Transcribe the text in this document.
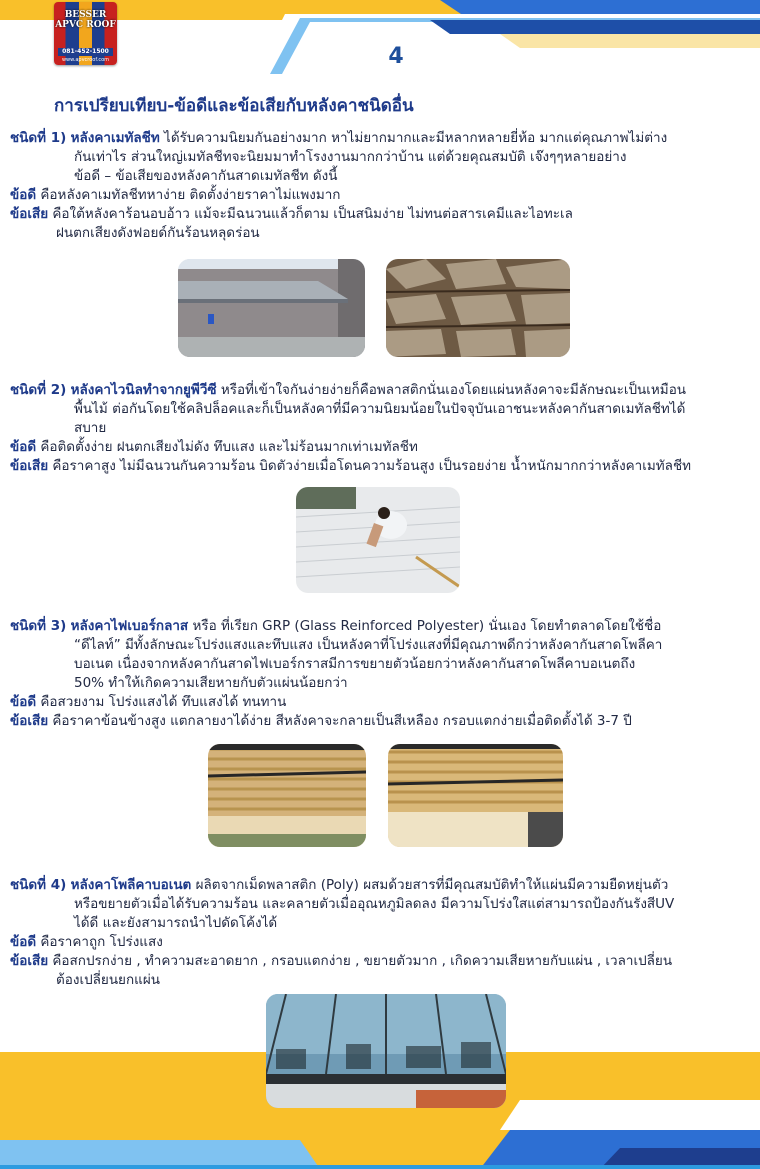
BESSER
APVC ROOF
081-452-1500
www.apvcroof.com	4
การเปรียบเทียบ-ข้อดีและข้อเสียกับหลังคาชนิดอื่น
ชนิดที่ 1) หลังคาเมทัลชีท ได้รับความนิยมกันอย่างมาก หาไม่ยากมากและมีหลากหลายยี่ห้อ มากแต่คุณภาพไม่ต่าง
กันเท่าไร ส่วนใหญ่เมทัลชีทจะนิยมมาทำโรงงานมากกว่าบ้าน แต่ด้วยคุณสมบัติ เจ๊งๆๆหลายอย่าง
ข้อดี – ข้อเสียของหลังคากันสาดเมทัลชีท ดังนี้
ข้อดี คือหลังคาเมทัลชีทหาง่าย ติดตั้งง่ายราคาไม่แพงมาก
ข้อเสีย คือใต้หลังคาร้อนอบอ้าว แม้จะมีฉนวนแล้วก็ตาม เป็นสนิมง่าย ไม่ทนต่อสารเคมีและไอทะเล
ฝนตกเสียงดังฟอยด์กันร้อนหลุดร่อน
ชนิดที่ 2) หลังคาไวนิลทำจากยูพีวีซี หรือที่เข้าใจกันง่ายง่ายก็คือพลาสติกนั่นเองโดยแผ่นหลังคาจะมีลักษณะเป็นเหมือน
พื้นไม้ ต่อกันโดยใช้คลิปล็อคและก็เป็นหลังคาที่มีความนิยมน้อยในปัจจุบันเอาชนะหลังคากันสาดเมทัลชีทได้
สบาย
ข้อดี คือติดตั้งง่าย ฝนตกเสียงไม่ดัง ทึบแสง และไม่ร้อนมากเท่าเมทัลชีท
ข้อเสีย คือราคาสูง ไม่มีฉนวนกันความร้อน บิดตัวง่ายเมื่อโดนความร้อนสูง เป็นรอยง่าย น้ำหนักมากกว่าหลังคาเมทัลชีท
ชนิดที่ 3) หลังคาไฟเบอร์กลาส หรือ ที่เรียก GRP (Glass Reinforced Polyester) นั่นเอง โดยทำตลาดโดยใช้ชื่อ
“ดีไลท์” มีทั้งลักษณะโปร่งแสงและทึบแสง เป็นหลังคาที่โปร่งแสงที่มีคุณภาพดีกว่าหลังคากันสาดโพลีคา
บอเนต เนื่องจากหลังคากันสาดไฟเบอร์กราสมีการขยายตัวน้อยกว่าหลังคากันสาดโพลีคาบอเนตถึง
50% ทำให้เกิดความเสียหายกับตัวแผ่นน้อยกว่า
ข้อดี คือสวยงาม โปร่งแสงได้ ทึบแสงได้ ทนทาน
ข้อเสีย คือราคาข้อนข้างสูง แตกลายงาได้ง่าย สีหลังคาจะกลายเป็นสีเหลือง กรอบแตกง่ายเมื่อติดตั้งได้ 3-7 ปี
ชนิดที่ 4) หลังคาโพลีคาบอเนต ผลิตจากเม็ดพลาสติก (Poly) ผสมด้วยสารที่มีคุณสมบัติทำให้แผ่นมีความยืดหยุ่นตัว
หรือขยายตัวเมื่อได้รับความร้อน และคลายตัวเมื่ออุณหภูมิลดลง มีความโปร่งใสแต่สามารถป้องกันรังสีUV
ได้ดี และยังสามารถนำไปดัดโค้งได้
ข้อดี คือราคาถูก โปร่งแสง
ข้อเสีย คือสกปรกง่าย , ทำความสะอาดยาก , กรอบแตกง่าย , ขยายตัวมาก , เกิดความเสียหายกับแผ่น , เวลาเปลี่ยน
ต้องเปลี่ยนยกแผ่น
